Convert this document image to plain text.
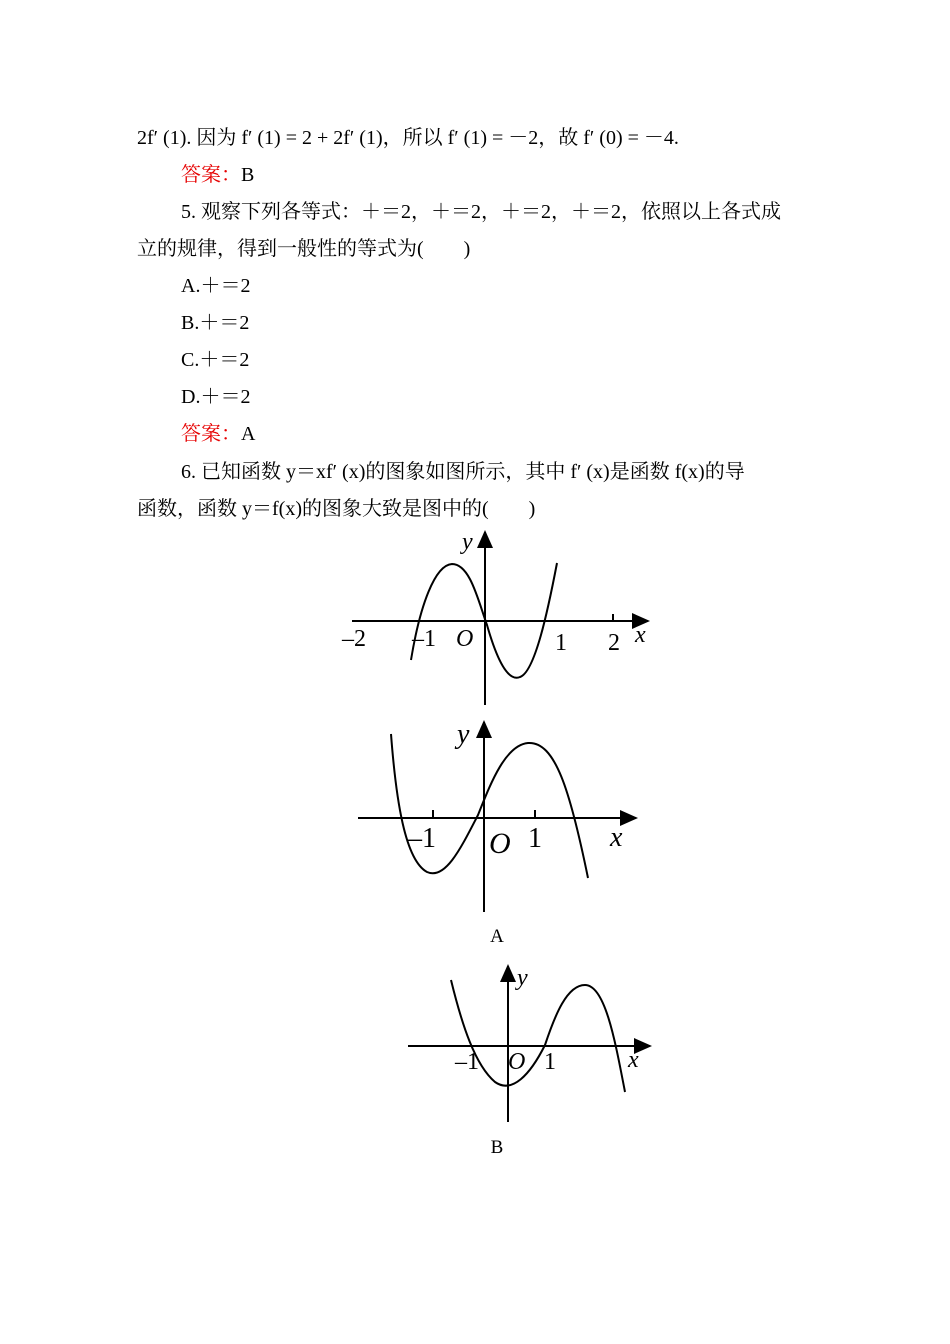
2f′ (1). 因为 f′ (1) = 2 + 2f′ (1)，所以 f′ (1) = －2，故 f′ (0) = －4.
答案：B
5. 观察下列各等式：＋＝2，＋＝2，＋＝2，＋＝2，依照以上各式成
立的规律，得到一般性的等式为(　　)
A.＋＝2
B.＋＝2
C.＋＝2
D.＋＝2
答案：A
6. 已知函数 y＝xf′ (x)的图象如图所示，其中 f′ (x)是函数 f(x)的导
函数，函数 y＝f(x)的图象大致是图中的(　　)
y
x
O
–2 –1	1 2
y
x
O
–1	1
A
y
x
O
–1	1
B
